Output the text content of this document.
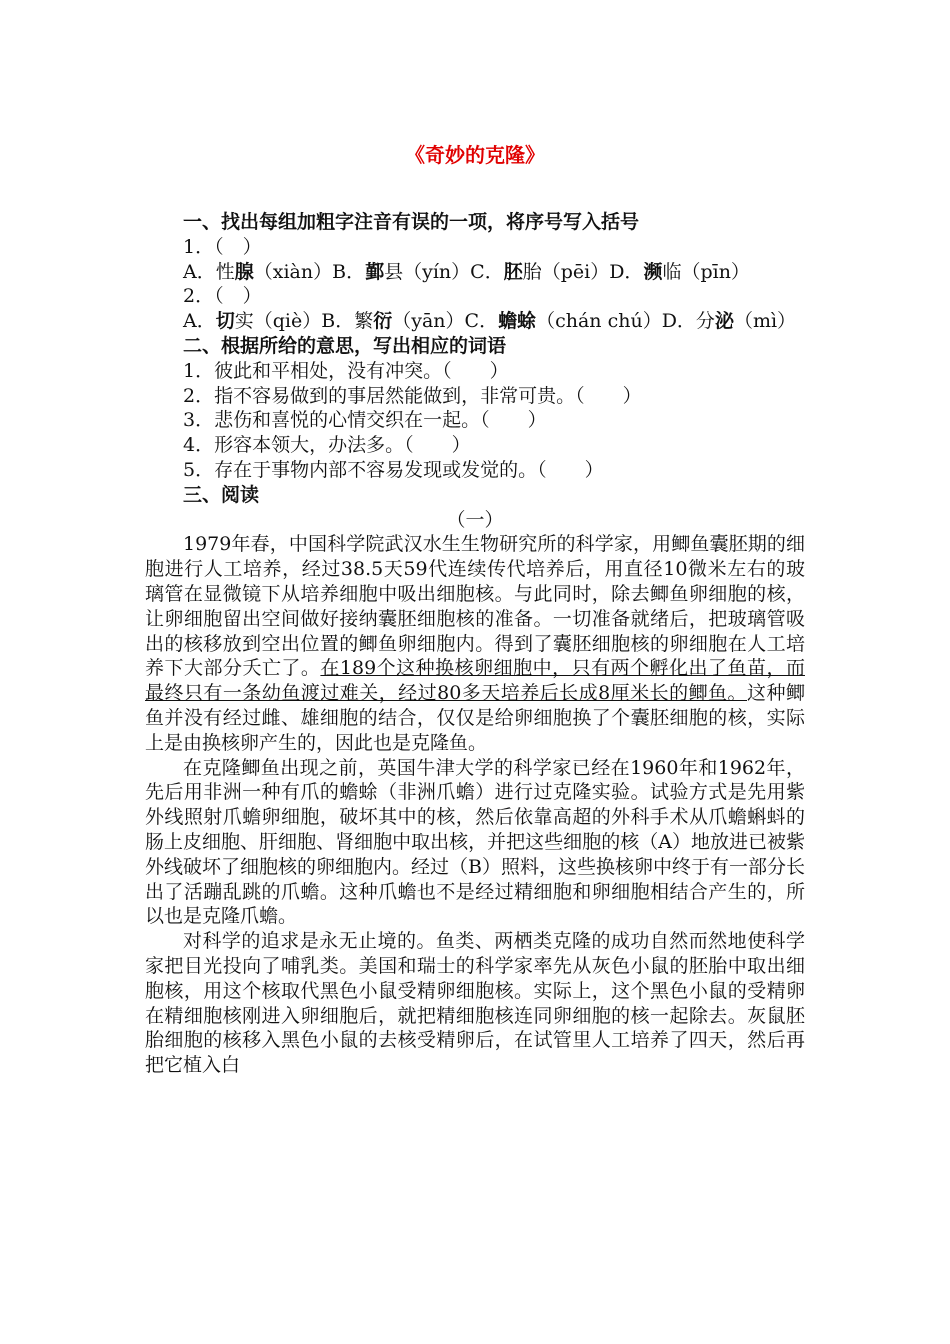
《奇妙的克隆》

一、找出每组加粗字注音有误的一项，将序号写入括号

1．（　）

A．性腺（xiàn）B．鄞县（yín）C．胚胎（pēi）D．濒临（pīn）

2．（　）

A．切实（qiè）B．繁衍（yān）C．蟾蜍（chán chú）D．分泌（mì）

二、根据所给的意思，写出相应的词语

1．彼此和平相处，没有冲突。（　　）

2．指不容易做到的事居然能做到，非常可贵。（　　）

3．悲伤和喜悦的心情交织在一起。（　　）

4．形容本领大，办法多。（　　）

5．存在于事物内部不容易发现或发觉的。（　　）

三、阅读

（一）

1979年春，中国科学院武汉水生生物研究所的科学家，用鲫鱼囊胚期的细胞进行人工培养，经过38.5天59代连续传代培养后，用直径10微米左右的玻璃管在显微镜下从培养细胞中吸出细胞核。与此同时，除去鲫鱼卵细胞的核，让卵细胞留出空间做好接纳囊胚细胞核的准备。一切准备就绪后，把玻璃管吸出的核移放到空出位置的鲫鱼卵细胞内。得到了囊胚细胞核的卵细胞在人工培养下大部分夭亡了。在189个这种换核卵细胞中，只有两个孵化出了鱼苗，而最终只有一条幼鱼渡过难关，经过80多天培养后长成8厘米长的鲫鱼。这种鲫鱼并没有经过雌、雄细胞的结合，仅仅是给卵细胞换了个囊胚细胞的核，实际上是由换核卵产生的，因此也是克隆鱼。

在克隆鲫鱼出现之前，英国牛津大学的科学家已经在1960年和1962年，先后用非洲一种有爪的蟾蜍（非洲爪蟾）进行过克隆实验。试验方式是先用紫外线照射爪蟾卵细胞，破坏其中的核，然后依靠高超的外科手术从爪蟾蝌蚪的肠上皮细胞、肝细胞、肾细胞中取出核，并把这些细胞的核（A）地放进已被紫外线破坏了细胞核的卵细胞内。经过（B）照料，这些换核卵中终于有一部分长出了活蹦乱跳的爪蟾。这种爪蟾也不是经过精细胞和卵细胞相结合产生的，所以也是克隆爪蟾。

对科学的追求是永无止境的。鱼类、两栖类克隆的成功自然而然地使科学家把目光投向了哺乳类。美国和瑞士的科学家率先从灰色小鼠的胚胎中取出细胞核，用这个核取代黑色小鼠受精卵细胞核。实际上，这个黑色小鼠的受精卵在精细胞核刚进入卵细胞后，就把精细胞核连同卵细胞的核一起除去。灰鼠胚胎细胞的核移入黑色小鼠的去核受精卵后，在试管里人工培养了四天，然后再把它植入白
